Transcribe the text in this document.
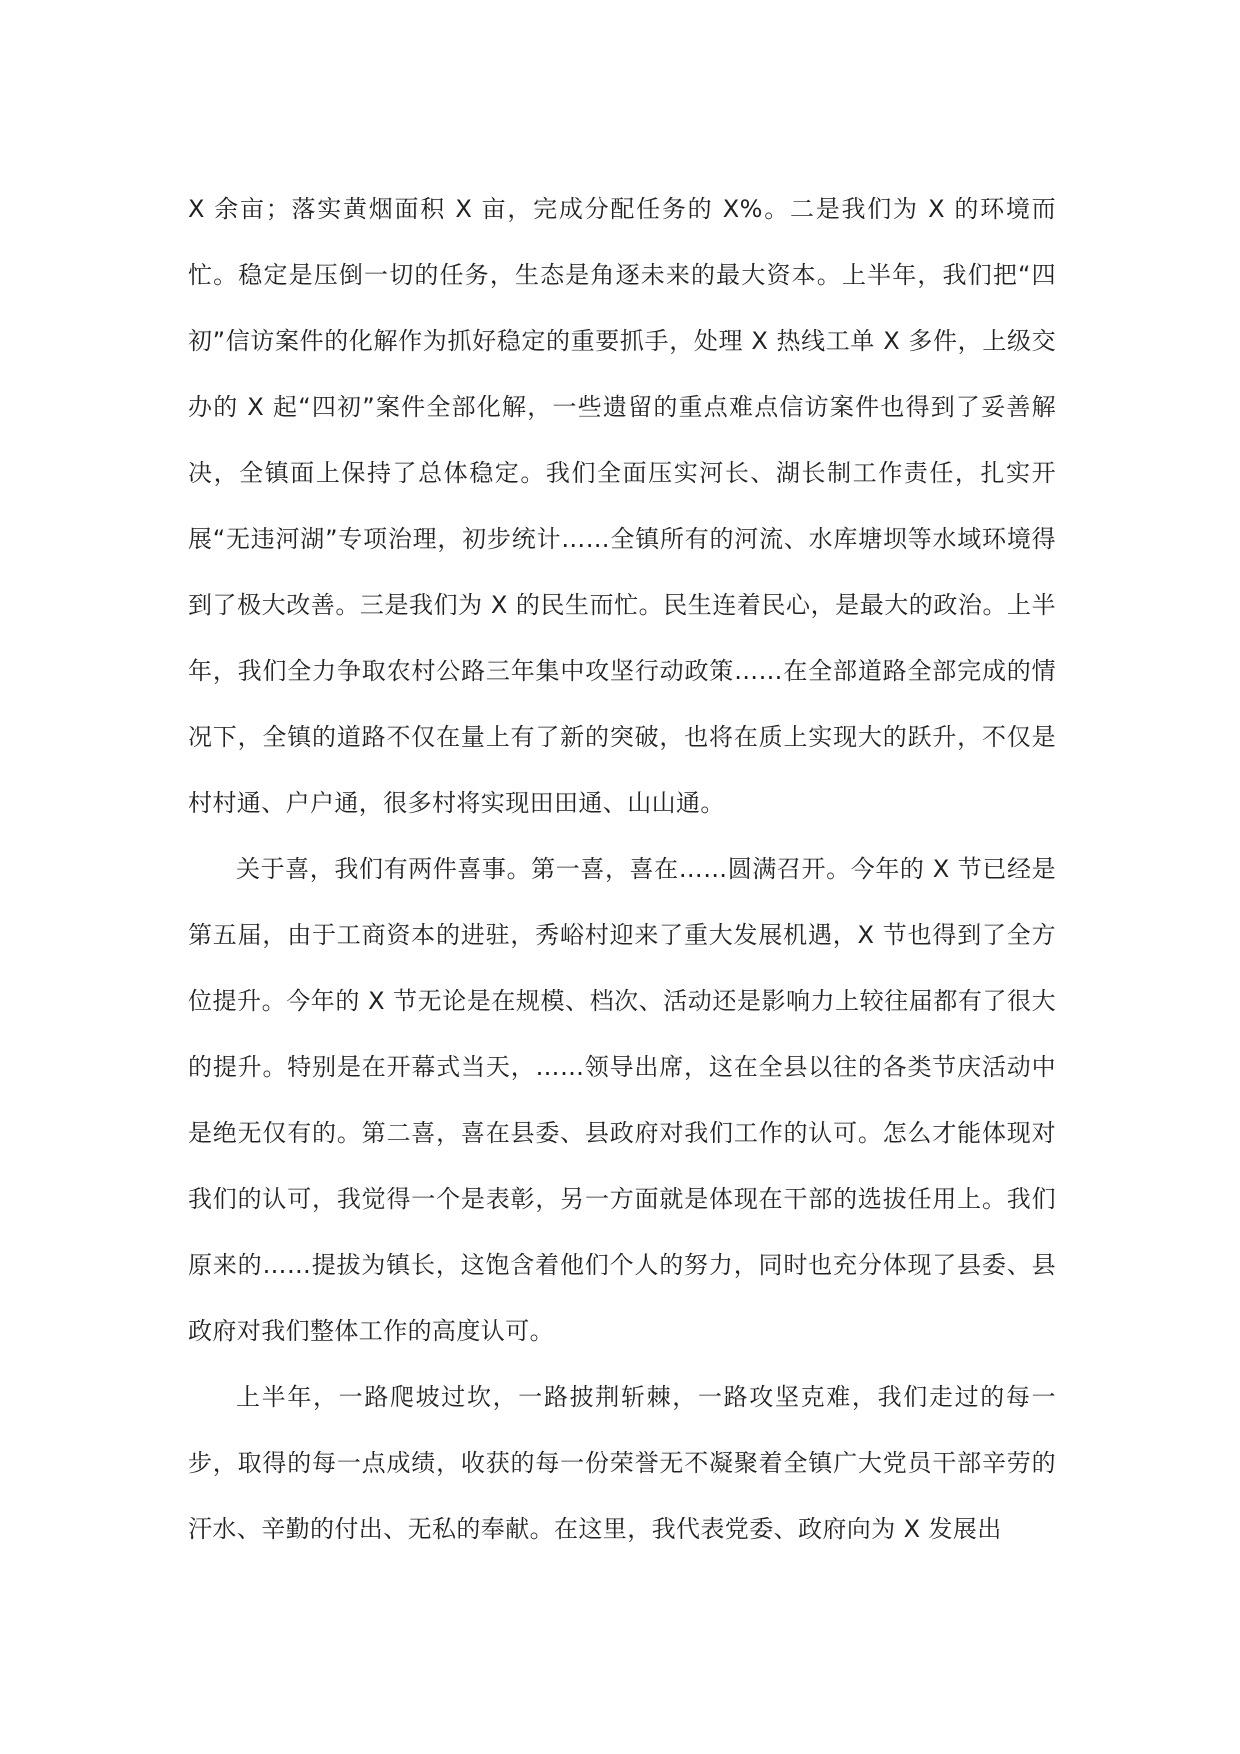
X 余亩；落实黄烟面积 X 亩，完成分配任务的 X%。二是我们为 X 的环境而忙。稳定是压倒一切的任务，生态是角逐未来的最大资本。上半年，我们把“四初”信访案件的化解作为抓好稳定的重要抓手，处理 X 热线工单 X 多件，上级交办的 X 起“四初”案件全部化解，一些遗留的重点难点信访案件也得到了妥善解决，全镇面上保持了总体稳定。我们全面压实河长、湖长制工作责任，扎实开展“无违河湖”专项治理，初步统计……全镇所有的河流、水库塘坝等水域环境得到了极大改善。三是我们为 X 的民生而忙。民生连着民心，是最大的政治。上半年，我们全力争取农村公路三年集中攻坚行动政策……在全部道路全部完成的情况下，全镇的道路不仅在量上有了新的突破，也将在质上实现大的跃升，不仅是村村通、户户通，很多村将实现田田通、山山通。

关于喜，我们有两件喜事。第一喜，喜在……圆满召开。今年的 X 节已经是第五届，由于工商资本的进驻，秀峪村迎来了重大发展机遇，X 节也得到了全方位提升。今年的 X 节无论是在规模、档次、活动还是影响力上较往届都有了很大的提升。特别是在开幕式当天，……领导出席，这在全县以往的各类节庆活动中是绝无仅有的。第二喜，喜在县委、县政府对我们工作的认可。怎么才能体现对我们的认可，我觉得一个是表彰，另一方面就是体现在干部的选拔任用上。我们原来的……提拔为镇长，这饱含着他们个人的努力，同时也充分体现了县委、县政府对我们整体工作的高度认可。

上半年，一路爬坡过坎，一路披荆斩棘，一路攻坚克难，我们走过的每一步，取得的每一点成绩，收获的每一份荣誉无不凝聚着全镇广大党员干部辛劳的汗水、辛勤的付出、无私的奉献。在这里，我代表党委、政府向为 X 发展出
